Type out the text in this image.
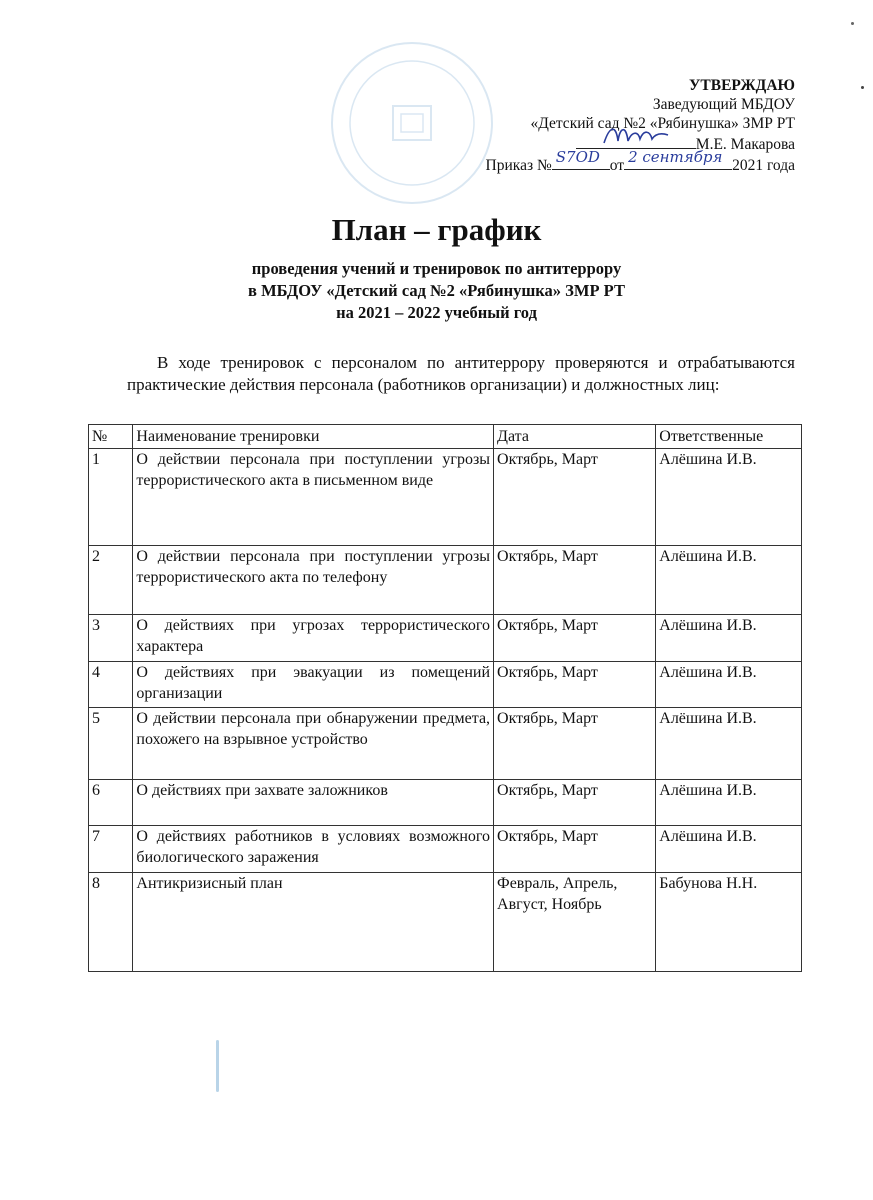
УТВЕРЖДАЮ
Заведующий МБДОУ
«Детский сад №2 «Рябинушка» ЗМР РТ
М.Е. Макарова
Приказ № S7OD от 2 сентября 2021 года
План – график
проведения учений и тренировок по антитеррору
в МБДОУ «Детский сад №2 «Рябинушка» ЗМР РТ
на 2021 – 2022 учебный год
В ходе тренировок с персоналом по антитеррору проверяются и отрабатываются практические действия персонала (работников организации) и должностных лиц:
№	Наименование тренировки	Дата	Ответственные
1	О действии персонала при поступлении угрозы террористического акта в письменном виде	Октябрь, Март	Алёшина И.В.
2	О действии персонала при поступлении угрозы террористического акта по телефону	Октябрь, Март	Алёшина И.В.
3	О действиях при угрозах террористического характера	Октябрь, Март	Алёшина И.В.
4	О действиях при эвакуации из помещений организации	Октябрь, Март	Алёшина И.В.
5	О действии персонала при обнаружении предмета, похожего на взрывное устройство	Октябрь, Март	Алёшина И.В.
6	О действиях при захвате заложников	Октябрь, Март	Алёшина И.В.
7	О действиях работников в условиях возможного биологического заражения	Октябрь, Март	Алёшина И.В.
8	Антикризисный план	Февраль, Апрель, Август, Ноябрь	Бабунова Н.Н.
